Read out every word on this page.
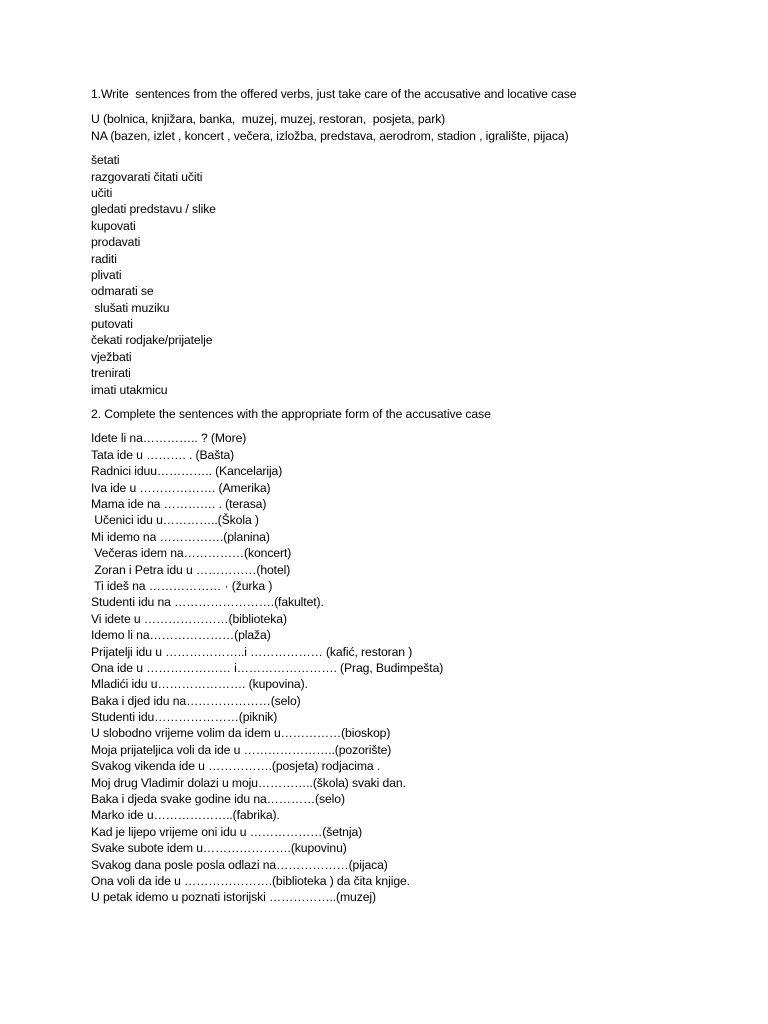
1.Write  sentences from the offered verbs, just take care of the accusative and locative case
U (bolnica, knjižara, banka,  muzej, muzej, restoran,  posjeta, park)
NA (bazen, izlet , koncert , večera, izložba, predstava, aerodrom, stadion , igralište, pijaca)
šetati
razgovarati čitati učiti
učiti
gledati predstavu / slike
kupovati
prodavati
raditi
plivati
odmarati se
slušati muziku
putovati
čekati rodjake/prijatelje
vježbati
trenirati
imati utakmicu
2. Complete the sentences with the appropriate form of the accusative case
Idete li na………….. ? (More)
Tata ide u ………. . (Bašta)
Radnici iduu………….. (Kancelarija)
Iva ide u ………………. (Amerika)
Mama ide na …………. . (terasa)
Učenici idu u…………..(Škola )
Mi idemo na …………….(planina)
Večeras idem na……………(koncert)
Zoran i Petra idu u ……………(hotel)
Ti ideš na ……………… · (žurka )
Studenti idu na …………………….(fakultet).
Vi idete u …………………(biblioteka)
Idemo li na…………………(plaža)
Prijatelji idu u ………………..i ……………… (kafić, restoran )
Ona ide u ………………… i……………………. (Prag, Budimpešta)
Mladići idu u…………………. (kupovina).
Baka i djed idu na…………………(selo)
Studenti idu…………………(piknik)
U slobodno vrijeme volim da idem u……………(bioskop)
Moja prijateljica voli da ide u …………………..(pozorište)
Svakog vikenda ide u …………….(posjeta) rodjacima .
Moj drug Vladimir dolazi u moju…………..(škola) svaki dan.
Baka i djeda svake godine idu na…………(selo)
Marko ide u………………..(fabrika).
Kad je lijepo vrijeme oni idu u ………………(šetnja)
Svake subote idem u………………….(kupovinu)
Svakog dana posle posla odlazi na………………(pijaca)
Ona voli da ide u ………………….(biblioteka ) da čita knjige.
U petak idemo u poznati istorijski ……………..(muzej)
